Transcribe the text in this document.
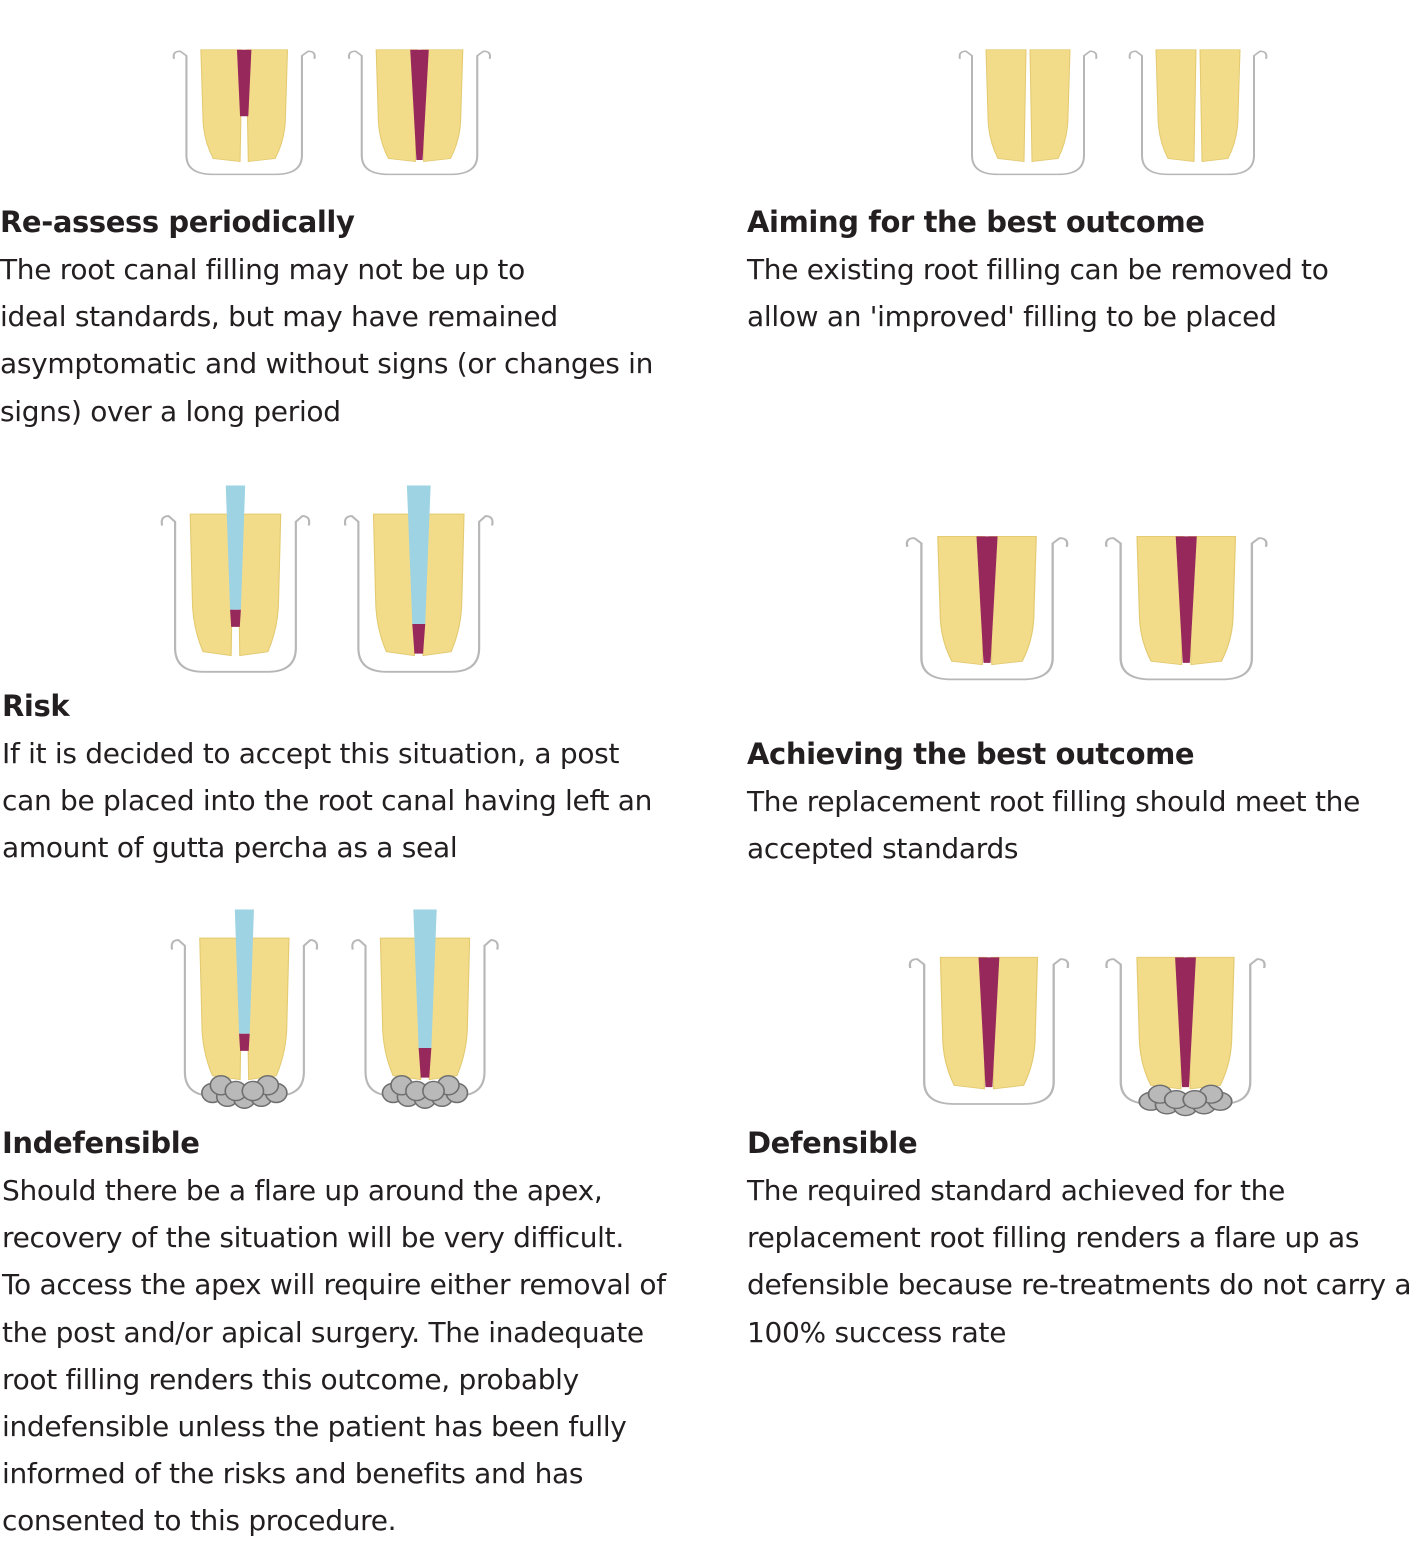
Re-assess periodically
The root canal filling may not be up to
ideal standards, but may have remained
asymptomatic and without signs (or changes in
signs) over a long period
Aiming for the best outcome
The existing root filling can be removed to
allow an 'improved' filling to be placed
Risk
If it is decided to accept this situation, a post
can be placed into the root canal having left an
amount of gutta percha as a seal
Achieving the best outcome
The replacement root filling should meet the
accepted standards
Indefensible
Should there be a flare up around the apex,
recovery of the situation will be very difficult.
To access the apex will require either removal of
the post and/or apical surgery. The inadequate
root filling renders this outcome, probably
indefensible unless the patient has been fully
informed of the risks and benefits and has
consented to this procedure.
Defensible
The required standard achieved for the
replacement root filling renders a flare up as
defensible because re-treatments do not carry a
100% success rate
